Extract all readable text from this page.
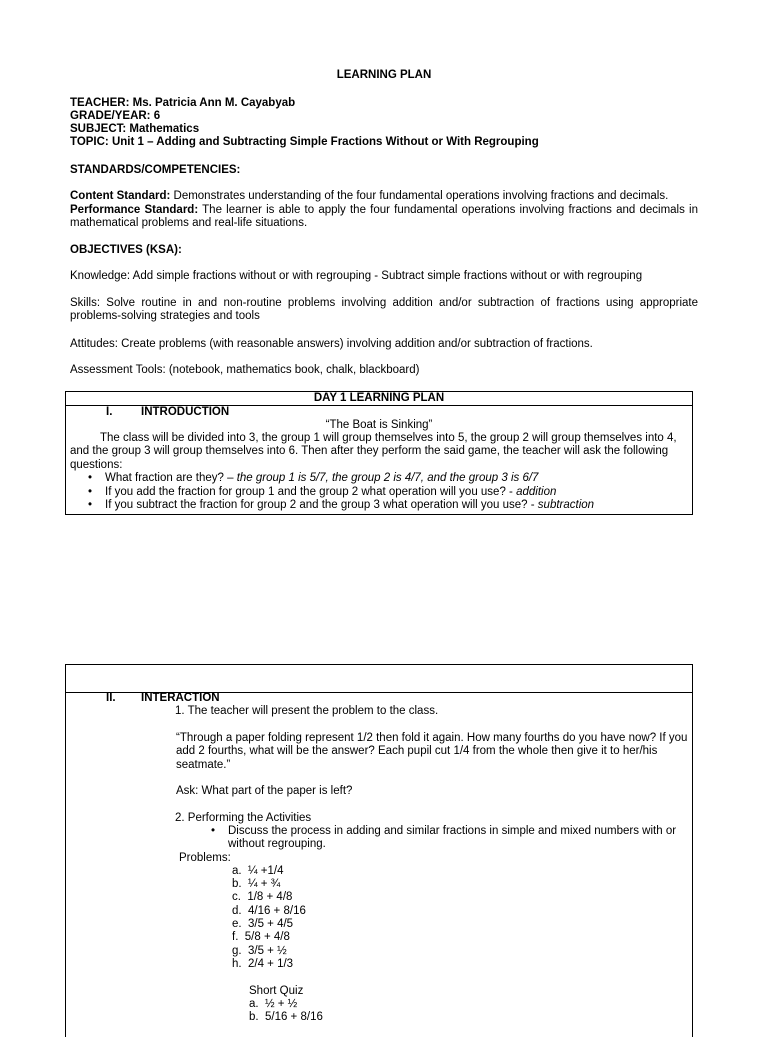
LEARNING PLAN
TEACHER: Ms. Patricia Ann M. Cayabyab
GRADE/YEAR: 6
SUBJECT: Mathematics
TOPIC: Unit 1 – Adding and Subtracting Simple Fractions Without or With Regrouping
STANDARDS/COMPETENCIES:
Content Standard: Demonstrates understanding of the four fundamental operations involving fractions and decimals.
Performance Standard: The learner is able to apply the four fundamental operations involving fractions and decimals in mathematical problems and real-life situations.
OBJECTIVES (KSA):
Knowledge: Add simple fractions without or with regrouping - Subtract simple fractions without or with regrouping
Skills: Solve routine in and non-routine problems involving addition and/or subtraction of fractions using appropriate problems-solving strategies and tools
Attitudes: Create problems (with reasonable answers) involving addition and/or subtraction of fractions.
Assessment Tools: (notebook, mathematics book, chalk, blackboard)
DAY 1 LEARNING PLAN
I. INTRODUCTION
“The Boat is Sinking”
The class will be divided into 3, the group 1 will group themselves into 5, the group 2 will group themselves into 4, and the group 3 will group themselves into 6. Then after they perform the said game, the teacher will ask the following questions:
• What fraction are they? – the group 1 is 5/7, the group 2 is 4/7, and the group 3 is 6/7
• If you add the fraction for group 1 and the group 2 what operation will you use? - addition
• If you subtract the fraction for group 2 and the group 3 what operation will you use? - subtraction
II. INTERACTION
1. The teacher will present the problem to the class.
“Through a paper folding represent 1/2 then fold it again. How many fourths do you have now? If you add 2 fourths, what will be the answer? Each pupil cut 1/4 from the whole then give it to her/his seatmate.”
Ask: What part of the paper is left?
2. Performing the Activities
• Discuss the process in adding and similar fractions in simple and mixed numbers with or without regrouping.
Problems:
a. ¼ +1/4
b. ¼ + ¾
c. 1/8 + 4/8
d. 4/16 + 8/16
e. 3/5 + 4/5
f. 5/8 + 4/8
g. 3/5 + ½
h. 2/4 + 1/3
Short Quiz
a. ½ + ½
b. 5/16 + 8/16
